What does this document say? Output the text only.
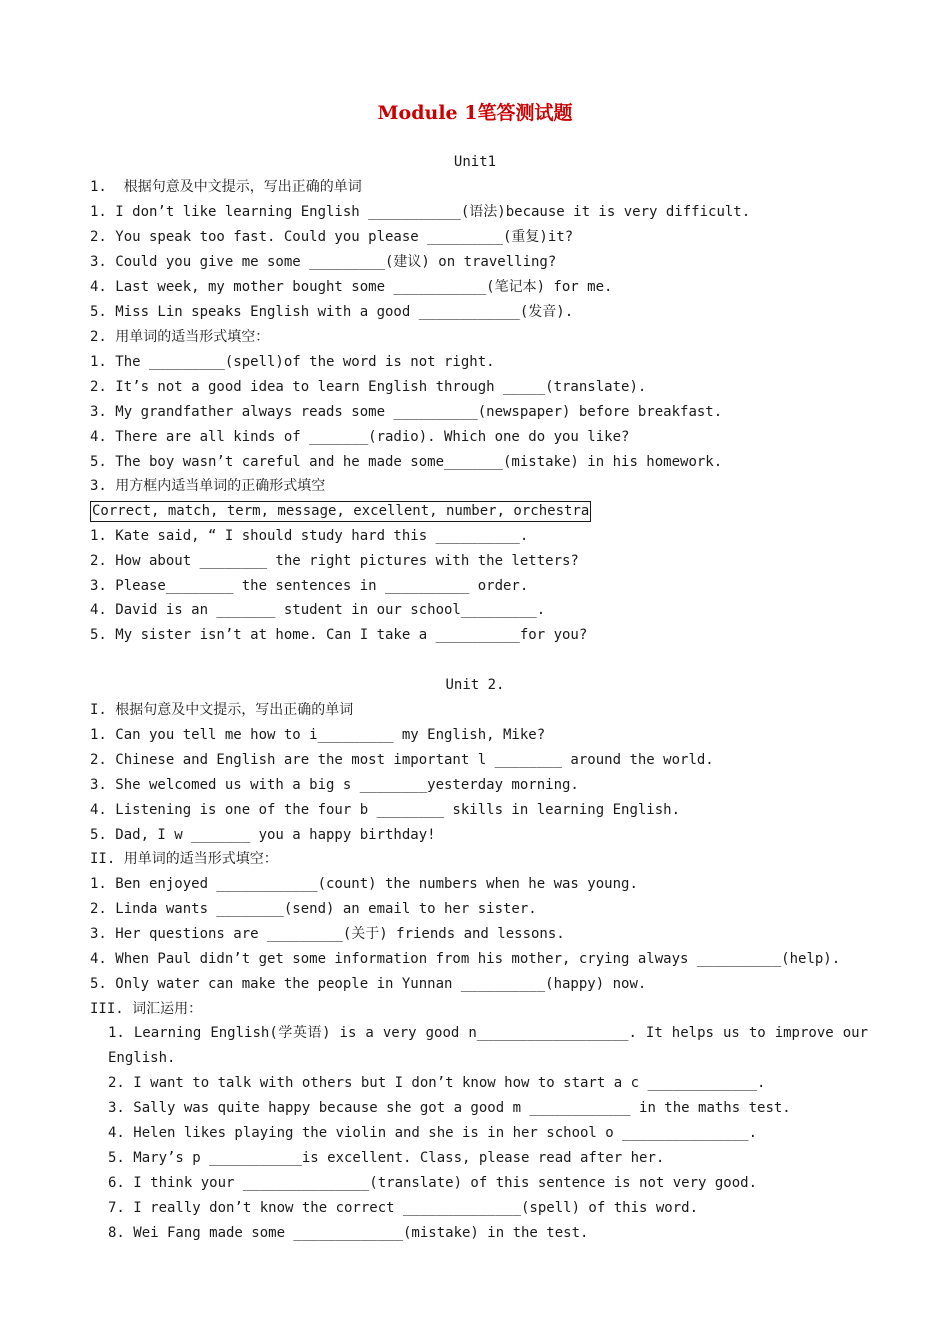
Module 1笔答测试题
Unit1
1.  根据句意及中文提示，写出正确的单词
1. I don’t like learning English ___________(语法)because it is very difficult.
2. You speak too fast. Could you please _________(重复)it?
3. Could you give me some _________(建议) on travelling?
4. Last week, my mother bought some ___________(笔记本) for me.
5. Miss Lin speaks English with a good ____________(发音).
2. 用单词的适当形式填空：
1. The _________(spell)of the word is not right.
2. It’s not a good idea to learn English through _____(translate).
3. My grandfather always reads some __________(newspaper) before breakfast.
4. There are all kinds of _______(radio). Which one do you like?
5. The boy wasn’t careful and he made some_______(mistake) in his homework.
3. 用方框内适当单词的正确形式填空
Correct, match, term, message, excellent, number, orchestra
1. Kate said, “ I should study hard this __________.
2. How about ________ the right pictures with the letters?
3. Please________ the sentences in __________ order.
4. David is an _______ student in our school_________.
5. My sister isn’t at home. Can I take a __________for you?
Unit 2.
I. 根据句意及中文提示，写出正确的单词
1. Can you tell me how to i_________ my English, Mike?
2. Chinese and English are the most important l ________ around the world.
3. She welcomed us with a big s ________yesterday morning.
4. Listening is one of the four b ________ skills in learning English.
5. Dad, I w _______ you a happy birthday!
II. 用单词的适当形式填空：
1. Ben enjoyed ____________(count) the numbers when he was young.
2. Linda wants ________(send) an email to her sister.
3. Her questions are _________(关于) friends and lessons.
4. When Paul didn’t get some information from his mother, crying always __________(help).
5. Only water can make the people in Yunnan __________(happy) now.
III. 词汇运用：
1. Learning English(学英语) is a very good n__________________. It helps us to improve our English.
2. I want to talk with others but I don’t know how to start a c _____________.
3. Sally was quite happy because she got a good m ____________ in the maths test.
4. Helen likes playing the violin and she is in her school o _______________.
5. Mary’s p ___________is excellent. Class, please read after her.
6. I think your _______________(translate) of this sentence is not very good.
7. I really don’t know the correct ______________(spell) of this word.
8. Wei Fang made some _____________(mistake) in the test.
